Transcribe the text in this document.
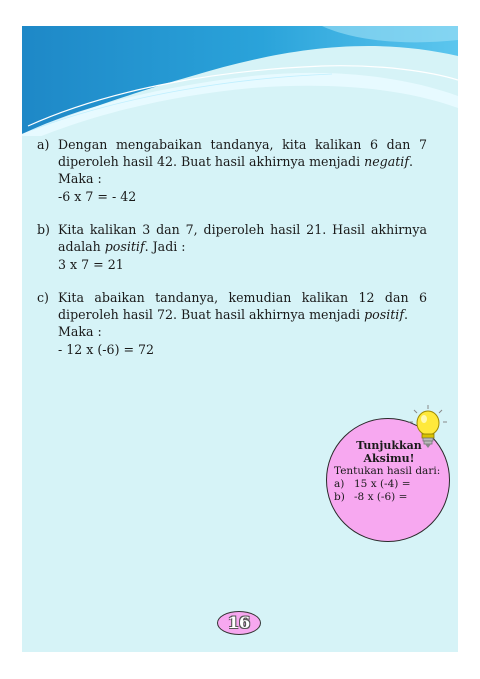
a) Dengan mengabaikan tandanya, kita kalikan 6 dan 7 diperoleh hasil 42. Buat hasil akhirnya menjadi negatif.

Maka :

-6 x 7 = - 42

b) Kita kalikan 3 dan 7, diperoleh hasil 21. Hasil akhirnya adalah positif. Jadi :

3 x 7 = 21

c) Kita abaikan tandanya, kemudian kalikan 12 dan 6 diperoleh hasil 72. Buat hasil akhirnya menjadi positif.

Maka :

- 12 x (-6) = 72

Tunjukkan
Aksimu!
Tentukan hasil dari:
a) 15 x (-4) =
b) -8 x (-6) =
16
